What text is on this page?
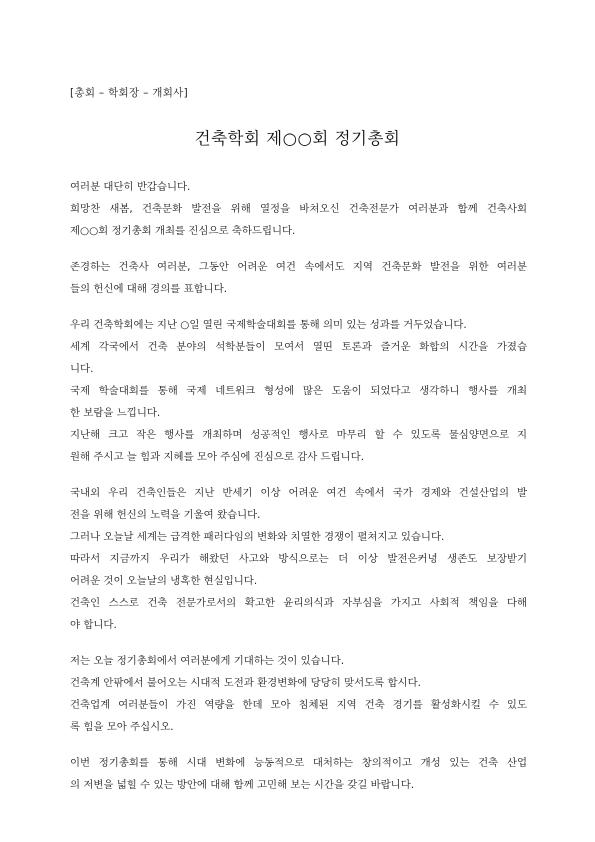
[총회 – 학회장 – 개회사]
건축학회 제○○회 정기총회
여러분 대단히 반갑습니다.
희망찬 새봄, 건축문화 발전을 위해 열정을 바쳐오신 건축전문가 여러분과 함께 건축사회
제○○회 정기총회 개최를 진심으로 축하드립니다.
존경하는 건축사 여러분, 그동안 어려운 여건 속에서도 지역 건축문화 발전을 위한 여러분
들의 헌신에 대해 경의를 표합니다.
우리 건축학회에는 지난 ○일 열린 국제학술대회를 통해 의미 있는 성과를 거두었습니다.
세계 각국에서 건축 분야의 석학분들이 모여서 열띤 토론과 즐거운 화합의 시간을 가졌습
니다.
국제 학술대회를 통해 국제 네트워크 형성에 많은 도움이 되었다고 생각하니 행사를 개최
한 보람을 느낍니다.
지난해 크고 작은 행사를 개최하며 성공적인 행사로 마무리 할 수 있도록 물심양면으로 지
원해 주시고 늘 힘과 지혜를 모아 주심에 진심으로 감사 드립니다.
국내외 우리 건축인들은 지난 반세기 이상 어려운 여건 속에서 국가 경제와 건설산업의 발
전을 위해 헌신의 노력을 기울여 왔습니다.
그러나 오늘날 세계는 급격한 패러다임의 변화와 치열한 경쟁이 펼쳐지고 있습니다.
따라서 지금까지 우리가 해왔던 사고와 방식으로는 더 이상 발전은커녕 생존도 보장받기
어려운 것이 오늘날의 냉혹한 현실입니다.
건축인 스스로 건축 전문가로서의 확고한 윤리의식과 자부심을 가지고 사회적 책임을 다해
야 합니다.
저는 오늘 정기총회에서 여러분에게 기대하는 것이 있습니다.
건축계 안팎에서 불어오는 시대적 도전과 환경변화에 당당히 맞서도록 합시다.
건축업계 여러분들이 가진 역량을 한데 모아 침체된 지역 건축 경기를 활성화시킬 수 있도
록 힘을 모아 주십시오.
이번 정기총회를 통해 시대 변화에 능동적으로 대처하는 창의적이고 개성 있는 건축 산업
의 저변을 넓힐 수 있는 방안에 대해 함께 고민해 보는 시간을 갖길 바랍니다.
